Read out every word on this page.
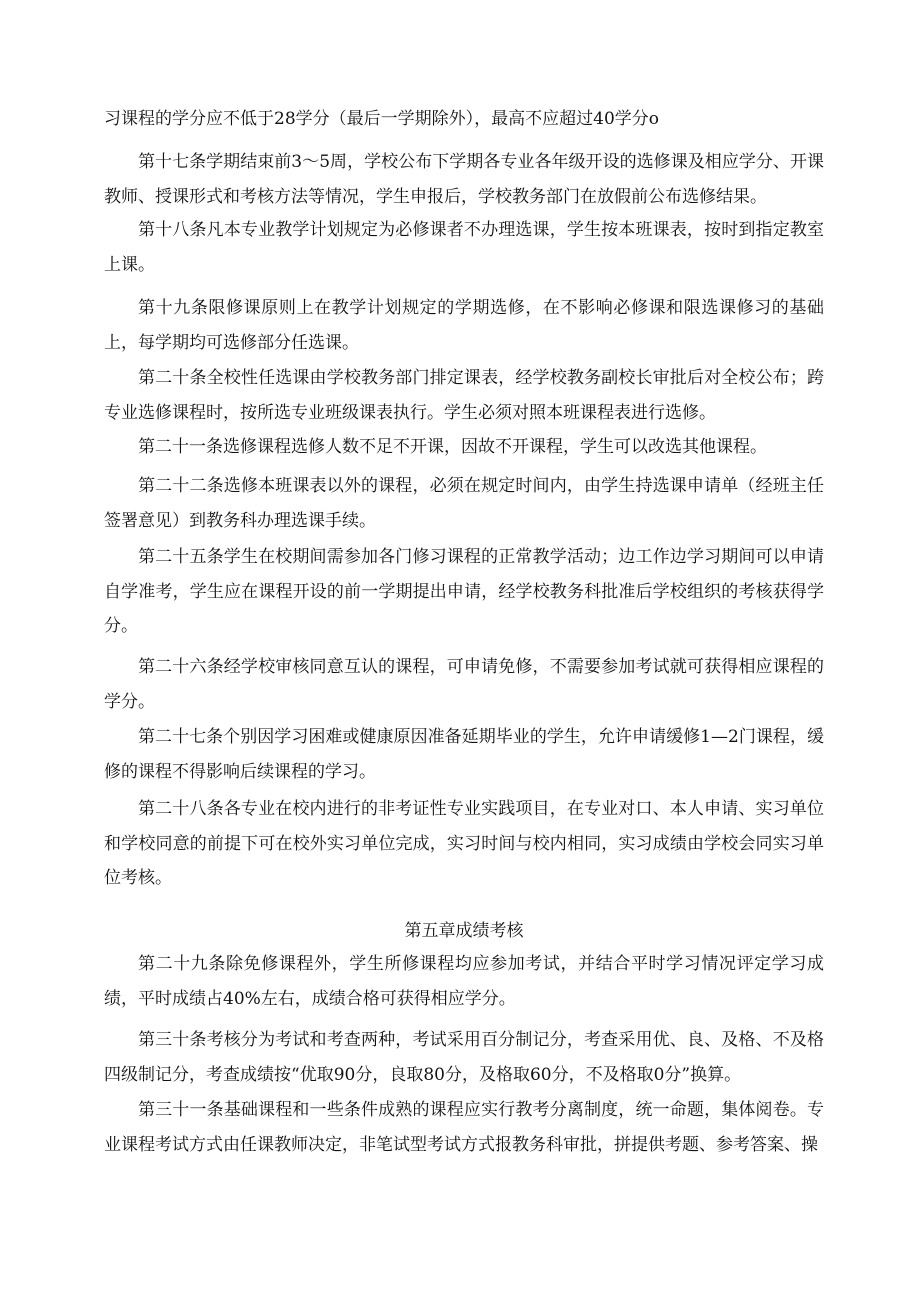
习课程的学分应不低于28学分（最后一学期除外），最高不应超过40学分o

第十七条学期结束前3～5周，学校公布下学期各专业各年级开设的选修课及相应学分、开课教师、授课形式和考核方法等情况，学生申报后，学校教务部门在放假前公布选修结果。

第十八条凡本专业教学计划规定为必修课者不办理选课，学生按本班课表，按时到指定教室上课。

第十九条限修课原则上在教学计划规定的学期选修，在不影响必修课和限选课修习的基础上，每学期均可选修部分任选课。

第二十条全校性任选课由学校教务部门排定课表，经学校教务副校长审批后对全校公布；跨专业选修课程时，按所选专业班级课表执行。学生必须对照本班课程表进行选修。

第二十一条选修课程选修人数不足不开课，因故不开课程，学生可以改选其他课程。

第二十二条选修本班课表以外的课程，必须在规定时间内，由学生持选课申请单（经班主任签署意见）到教务科办理选课手续。

第二十五条学生在校期间需参加各门修习课程的正常教学活动；边工作边学习期间可以申请自学准考，学生应在课程开设的前一学期提出申请，经学校教务科批准后学校组织的考核获得学分。

第二十六条经学校审核同意互认的课程，可申请免修，不需要参加考试就可获得相应课程的学分。

第二十七条个别因学习困难或健康原因准备延期毕业的学生，允许申请缓修1—2门课程，缓修的课程不得影响后续课程的学习。

第二十八条各专业在校内进行的非考证性专业实践项目，在专业对口、本人申请、实习单位和学校同意的前提下可在校外实习单位完成，实习时间与校内相同，实习成绩由学校会同实习单位考核。

第五章成绩考核

第二十九条除免修课程外，学生所修课程均应参加考试，并结合平时学习情况评定学习成绩，平时成绩占40%左右，成绩合格可获得相应学分。

第三十条考核分为考试和考查两种，考试采用百分制记分，考查采用优、良、及格、不及格四级制记分，考查成绩按“优取90分，良取80分，及格取60分，不及格取0分”换算。

第三十一条基础课程和一些条件成熟的课程应实行教考分离制度，统一命题，集体阅卷。专业课程考试方式由任课教师决定，非笔试型考试方式报教务科审批，拼提供考题、参考答案、操
